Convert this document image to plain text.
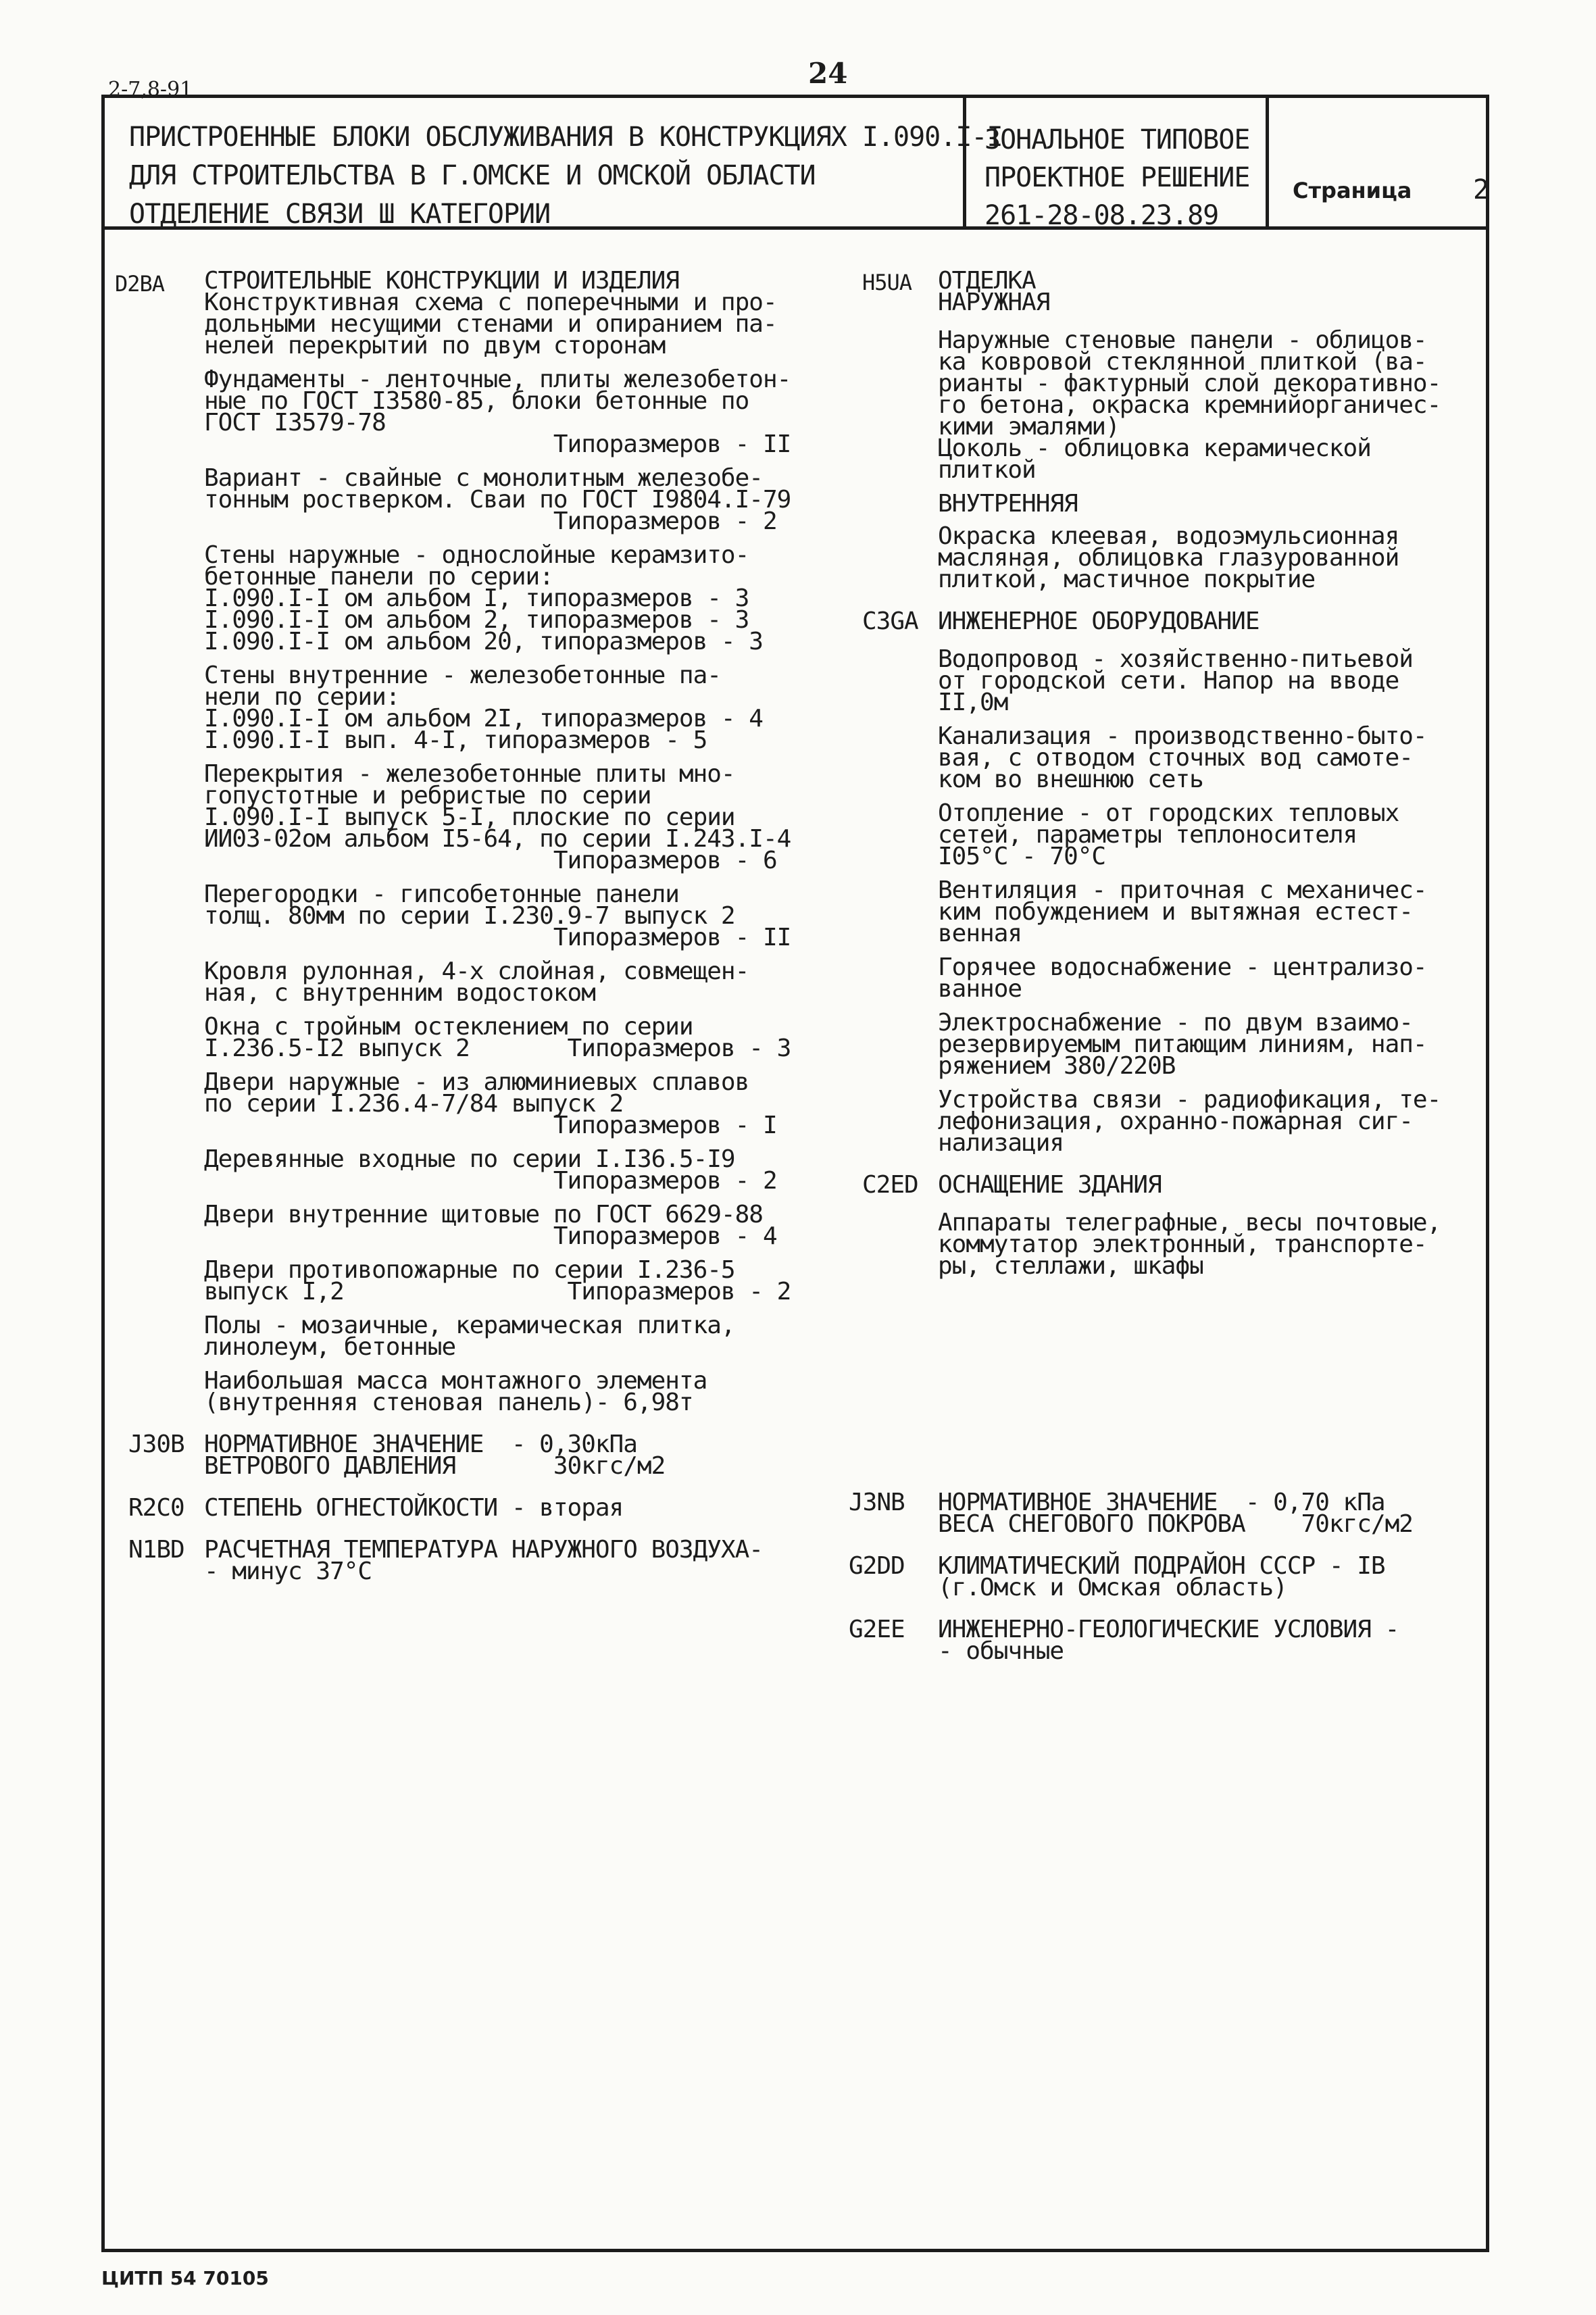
2-7,8-91	24
ПРИСТРОЕННЫЕ БЛОКИ ОБСЛУЖИВАНИЯ В КОНСТРУКЦИЯХ I.090.I-I
ДЛЯ СТРОИТЕЛЬСТВА В Г.ОМСКЕ И ОМСКОЙ ОБЛАСТИ
ОТДЕЛЕНИЕ СВЯЗИ Ш КАТЕГОРИИ
ЗОНАЛЬНОЕ ТИПОВОЕ
ПРОЕКТНОЕ РЕШЕНИЕ
261-28-08.23.89
Страница 2
D2BA СТРОИТЕЛЬНЫЕ КОНСТРУКЦИИ И ИЗДЕЛИЯ
Конструктивная схема с поперечными и про-
дольными несущими стенами и опиранием па-
нелей перекрытий по двум сторонам
Фундаменты - ленточные, плиты железобетон-
ные по ГОСТ I3580-85, блоки бетонные по
ГОСТ I3579-78
Типоразмеров - II
Вариант - свайные с монолитным железобе-
тонным ростверком. Сваи по ГОСТ I9804.I-79
Типоразмеров - 2
Стены наружные - однослойные керамзито-
бетонные панели по серии:
I.090.I-I ом альбом I, типоразмеров - 3
I.090.I-I ом альбом 2, типоразмеров - 3
I.090.I-I ом альбом 20, типоразмеров - 3
Стены внутренние - железобетонные па-
нели по серии:
I.090.I-I ом альбом 2I, типоразмеров - 4
I.090.I-I вып. 4-I, типоразмеров - 5
Перекрытия - железобетонные плиты мно-
гопустотные и ребристые по серии
I.090.I-I выпуск 5-I, плоские по серии
ИИ03-02ом альбом I5-64, по серии I.243.I-4
Типоразмеров - 6
Перегородки - гипсобетонные панели
толщ. 80мм по серии I.230.9-7 выпуск 2
Типоразмеров - II
Кровля рулонная, 4-х слойная, совмещен-
ная, с внутренним водостоком
Окна с тройным остеклением по серии
I.236.5-I2 выпуск 2       Типоразмеров - 3
Двери наружные - из алюминиевых сплавов
по серии I.236.4-7/84 выпуск 2
Типоразмеров - I
Деревянные входные по серии I.I36.5-I9
Типоразмеров - 2
Двери внутренние щитовые по ГОСТ 6629-88
Типоразмеров - 4
Двери противопожарные по серии I.236-5
выпуск I,2                Типоразмеров - 2
Полы - мозаичные, керамическая плитка,
линолеум, бетонные
Наибольшая масса монтажного элемента
(внутренняя стеновая панель)- 6,98т
J30B НОРМАТИВНОЕ ЗНАЧЕНИЕ  - 0,30кПа
ВЕТРОВОГО ДАВЛЕНИЯ       30кгс/м2
R2C0 СТЕПЕНЬ ОГНЕСТОЙКОСТИ - вторая
N1BD РАСЧЕТНАЯ ТЕМПЕРАТУРА НАРУЖНОГО ВОЗДУХА-
- минус 37°С
H5UA ОТДЕЛКА
НАРУЖНАЯ
Наружные стеновые панели - облицов-
ка ковровой стеклянной плиткой (ва-
рианты - фактурный слой декоративно-
го бетона, окраска кремнийорганичес-
кими эмалями)
Цоколь - облицовка керамической
плиткой
ВНУТРЕННЯЯ
Окраска клеевая, водоэмульсионная
масляная, облицовка глазурованной
плиткой, мастичное покрытие
C3GA ИНЖЕНЕРНОЕ ОБОРУДОВАНИЕ
Водопровод - хозяйственно-питьевой
от городской сети. Напор на вводе
II,0м
Канализация - производственно-быто-
вая, с отводом сточных вод самоте-
ком во внешнюю сеть
Отопление - от городских тепловых
сетей, параметры теплоносителя
I05°С - 70°С
Вентиляция - приточная с механичес-
ким побуждением и вытяжная естест-
венная
Горячее водоснабжение - централизо-
ванное
Электроснабжение - по двум взаимо-
резервируемым питающим линиям, нап-
ряжением 380/220В
Устройства связи - радиофикация, те-
лефонизация, охранно-пожарная сиг-
нализация
C2ED ОСНАЩЕНИЕ ЗДАНИЯ
Аппараты телеграфные, весы почтовые,
коммутатор электронный, транспорте-
ры, стеллажи, шкафы
J3NB НОРМАТИВНОЕ ЗНАЧЕНИЕ  - 0,70 кПа
ВЕСА СНЕГОВОГО ПОКРОВА    70кгс/м2
G2DD КЛИМАТИЧЕСКИЙ ПОДРАЙОН СССР - IВ
(г.Омск и Омская область)
G2EE ИНЖЕНЕРНО-ГЕОЛОГИЧЕСКИЕ УСЛОВИЯ -
- обычные
ЦИТП 54 70105
